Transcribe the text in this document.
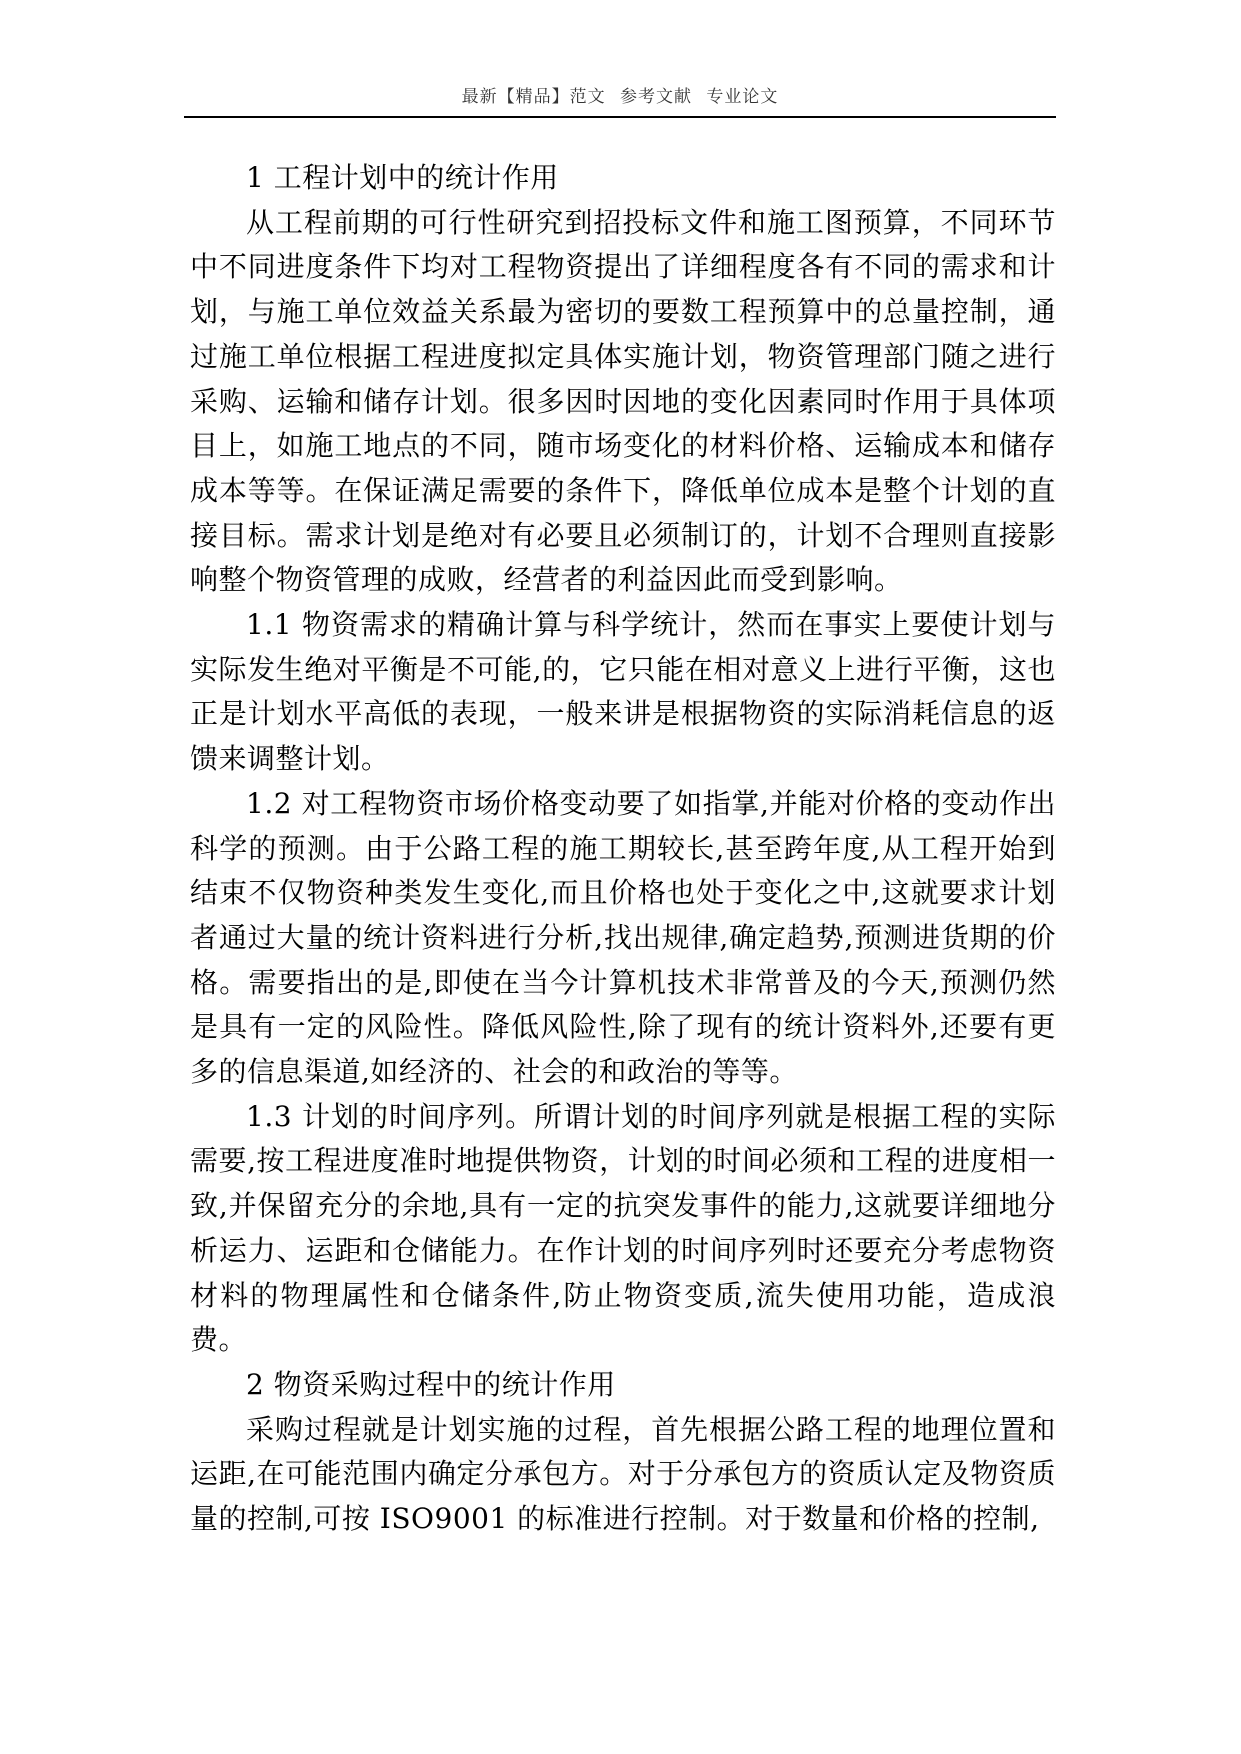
最新【精品】范文 参考文献 专业论文

1 工程计划中的统计作用

从工程前期的可行性研究到招投标文件和施工图预算，不同环节中不同进度条件下均对工程物资提出了详细程度各有不同的需求和计划，与施工单位效益关系最为密切的要数工程预算中的总量控制，通过施工单位根据工程进度拟定具体实施计划，物资管理部门随之进行采购、运输和储存计划。很多因时因地的变化因素同时作用于具体项目上，如施工地点的不同，随市场变化的材料价格、运输成本和储存成本等等。在保证满足需要的条件下，降低单位成本是整个计划的直接目标。需求计划是绝对有必要且必须制订的，计划不合理则直接影响整个物资管理的成败，经营者的利益因此而受到影响。

1.1 物资需求的精确计算与科学统计，然而在事实上要使计划与实际发生绝对平衡是不可能,的，它只能在相对意义上进行平衡，这也正是计划水平高低的表现，一般来讲是根据物资的实际消耗信息的返馈来调整计划。

1.2 对工程物资市场价格变动要了如指掌,并能对价格的变动作出科学的预测。由于公路工程的施工期较长,甚至跨年度,从工程开始到结束不仅物资种类发生变化,而且价格也处于变化之中,这就要求计划者通过大量的统计资料进行分析,找出规律,确定趋势,预测进货期的价格。需要指出的是,即使在当今计算机技术非常普及的今天,预测仍然是具有一定的风险性。降低风险性,除了现有的统计资料外,还要有更多的信息渠道,如经济的、社会的和政治的等等。

1.3 计划的时间序列。所谓计划的时间序列就是根据工程的实际需要,按工程进度准时地提供物资，计划的时间必须和工程的进度相一致,并保留充分的余地,具有一定的抗突发事件的能力,这就要详细地分析运力、运距和仓储能力。在作计划的时间序列时还要充分考虑物资材料的物理属性和仓储条件,防止物资变质,流失使用功能，造成浪费。

2 物资采购过程中的统计作用

采购过程就是计划实施的过程，首先根据公路工程的地理位置和运距,在可能范围内确定分承包方。对于分承包方的资质认定及物资质量的控制,可按 ISO9001 的标准进行控制。对于数量和价格的控制,
